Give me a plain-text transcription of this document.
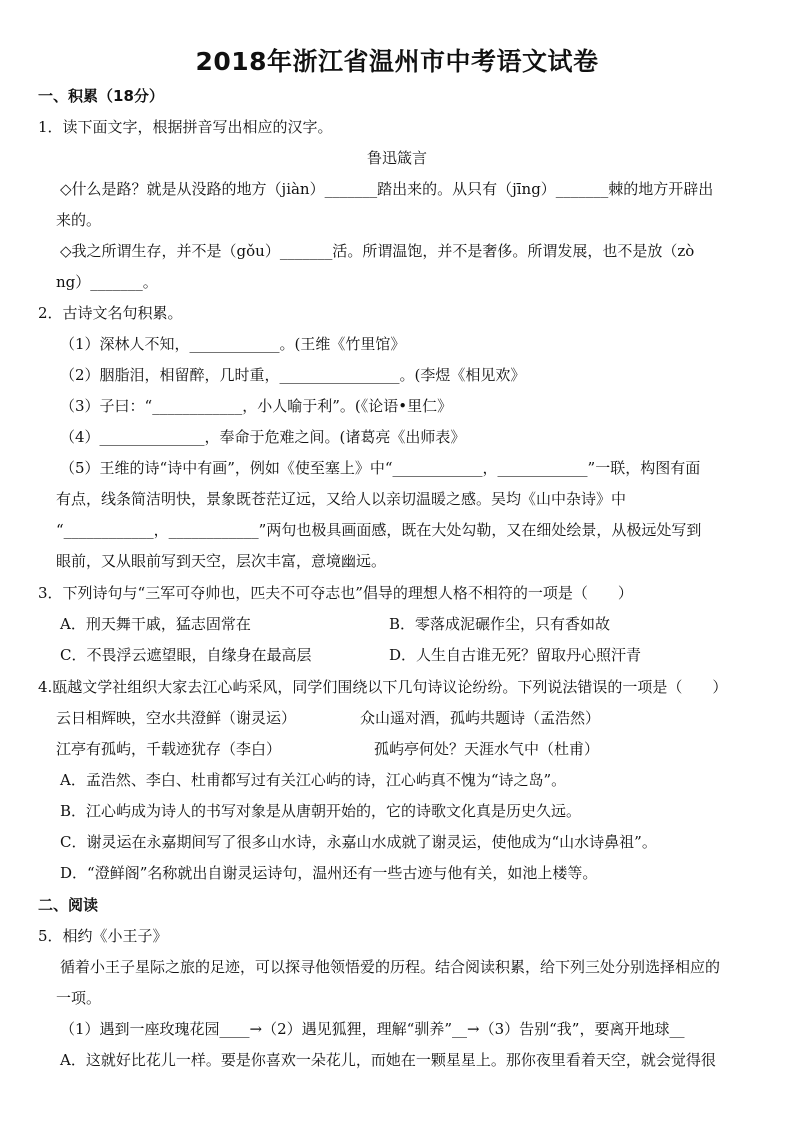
2018年浙江省温州市中考语文试卷
一、积累（18分）
1．读下面文字，根据拼音写出相应的汉字。
鲁迅箴言
◇什么是路？就是从没路的地方（jiàn）_______踏出来的。从只有（jīng）_______棘的地方开辟出
来的。
◇我之所谓生存，并不是（gǒu）_______活。所谓温饱，并不是奢侈。所谓发展，也不是放（zò
ng）_______。
2．古诗文名句积累。
（1）深林人不知，____________。(王维《竹里馆》
（2）胭脂泪，相留醉，几时重，________________。(李煜《相见欢》
（3）子曰：“____________，小人喻于利”。(《论语•里仁》
（4）______________，奉命于危难之间。(诸葛亮《出师表》
（5）王维的诗“诗中有画”，例如《使至塞上》中“____________，____________”一联，构图有面
有点，线条简洁明快，景象既苍茫辽远，又给人以亲切温暖之感。吴均《山中杂诗》中
“____________，____________”两句也极具画面感，既在大处勾勒，又在细处绘景，从极远处写到
眼前，又从眼前写到天空，层次丰富，意境幽远。
3．下列诗句与“三军可夺帅也，匹夫不可夺志也”倡导的理想人格不相符的一项是（　　）
A．刑天舞干戚，猛志固常在	B．零落成泥碾作尘，只有香如故
C．不畏浮云遮望眼，自缘身在最高层	D．人生自古谁无死？留取丹心照汗青
4.瓯越文学社组织大家去江心屿采风，同学们围绕以下几句诗议论纷纷。下列说法错误的一项是（　　）
云日相辉映，空水共澄鲜（谢灵运）	众山遥对酒，孤屿共题诗（孟浩然）
江亭有孤屿，千载迹犹存（李白）	孤屿亭何处？天涯水气中（杜甫）
A．孟浩然、李白、杜甫都写过有关江心屿的诗，江心屿真不愧为“诗之岛”。
B．江心屿成为诗人的书写对象是从唐朝开始的，它的诗歌文化真是历史久远。
C．谢灵运在永嘉期间写了很多山水诗，永嘉山水成就了谢灵运，使他成为“山水诗鼻祖”。
D．“澄鲜阁”名称就出自谢灵运诗句，温州还有一些古迹与他有关，如池上楼等。
二、阅读
5．相约《小王子》
循着小王子星际之旅的足迹，可以探寻他领悟爱的历程。结合阅读积累，给下列三处分别选择相应的
一项。
（1）遇到一座玫瑰花园____→（2）遇见狐狸，理解“驯养”__→（3）告别“我”，要离开地球__
A．这就好比花儿一样。要是你喜欢一朵花儿，而她在一颗星星上。那你夜里看着天空，就会觉得很
